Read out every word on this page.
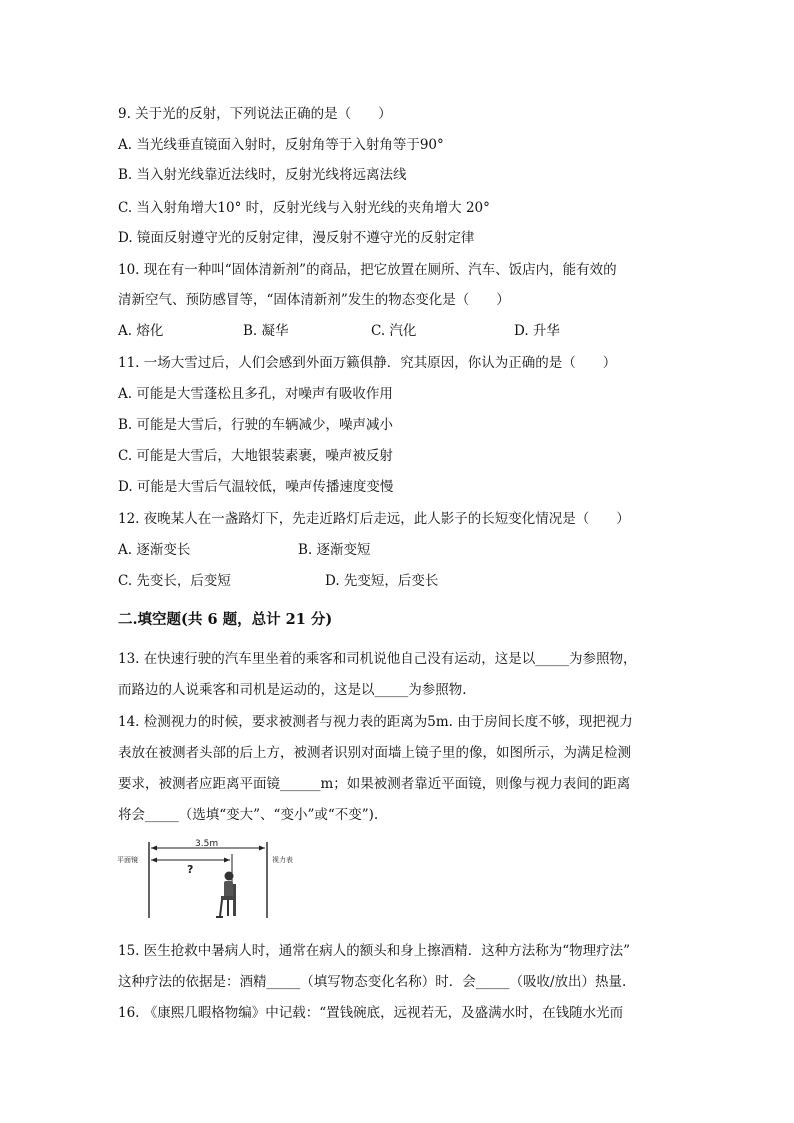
9. 关于光的反射，下列说法正确的是（　　）
A. 当光线垂直镜面入射时，反射角等于入射角等于90°
B. 当入射光线靠近法线时，反射光线将远离法线
C. 当入射角增大10° 时，反射光线与入射光线的夹角增大 20°
D. 镜面反射遵守光的反射定律，漫反射不遵守光的反射定律
10. 现在有一种叫“固体清新剂”的商品，把它放置在厕所、汽车、饭店内，能有效的
清新空气、预防感冒等，“固体清新剂”发生的物态变化是（　　）
A. 熔化	B. 凝华	C. 汽化	D. 升华
11. 一场大雪过后，人们会感到外面万籁俱静．究其原因，你认为正确的是（　　）
A. 可能是大雪蓬松且多孔，对噪声有吸收作用
B. 可能是大雪后，行驶的车辆减少，噪声减小
C. 可能是大雪后，大地银装素裹，噪声被反射
D. 可能是大雪后气温较低，噪声传播速度变慢
12. 夜晚某人在一盏路灯下，先走近路灯后走远，此人影子的长短变化情况是（　　）
A. 逐渐变长	B. 逐渐变短
C. 先变长，后变短	D. 先变短，后变长
二.填空题(共 6 题，总计 21 分)
13. 在快速行驶的汽车里坐着的乘客和司机说他自己没有运动，这是以_____为参照物，
而路边的人说乘客和司机是运动的，这是以_____为参照物.
14. 检测视力的时候，要求被测者与视力表的距离为5m. 由于房间长度不够，现把视力
表放在被测者头部的后上方，被测者识别对面墙上镜子里的像，如图所示，为满足检测
要求，被测者应距离平面镜______m；如果被测者靠近平面镜，则像与视力表间的距离
将会_____（选填“变大”、“变小”或“不变”).
3.5m
?
平面镜	视力表
15. 医生抢救中暑病人时，通常在病人的额头和身上擦酒精．这种方法称为“物理疗法”
这种疗法的依据是：酒精_____（填写物态变化名称）时．会_____（吸收/放出）热量.
16. 《康熙几暇格物编》中记载：“置钱碗底，远视若无，及盛满水时，在钱随水光而
